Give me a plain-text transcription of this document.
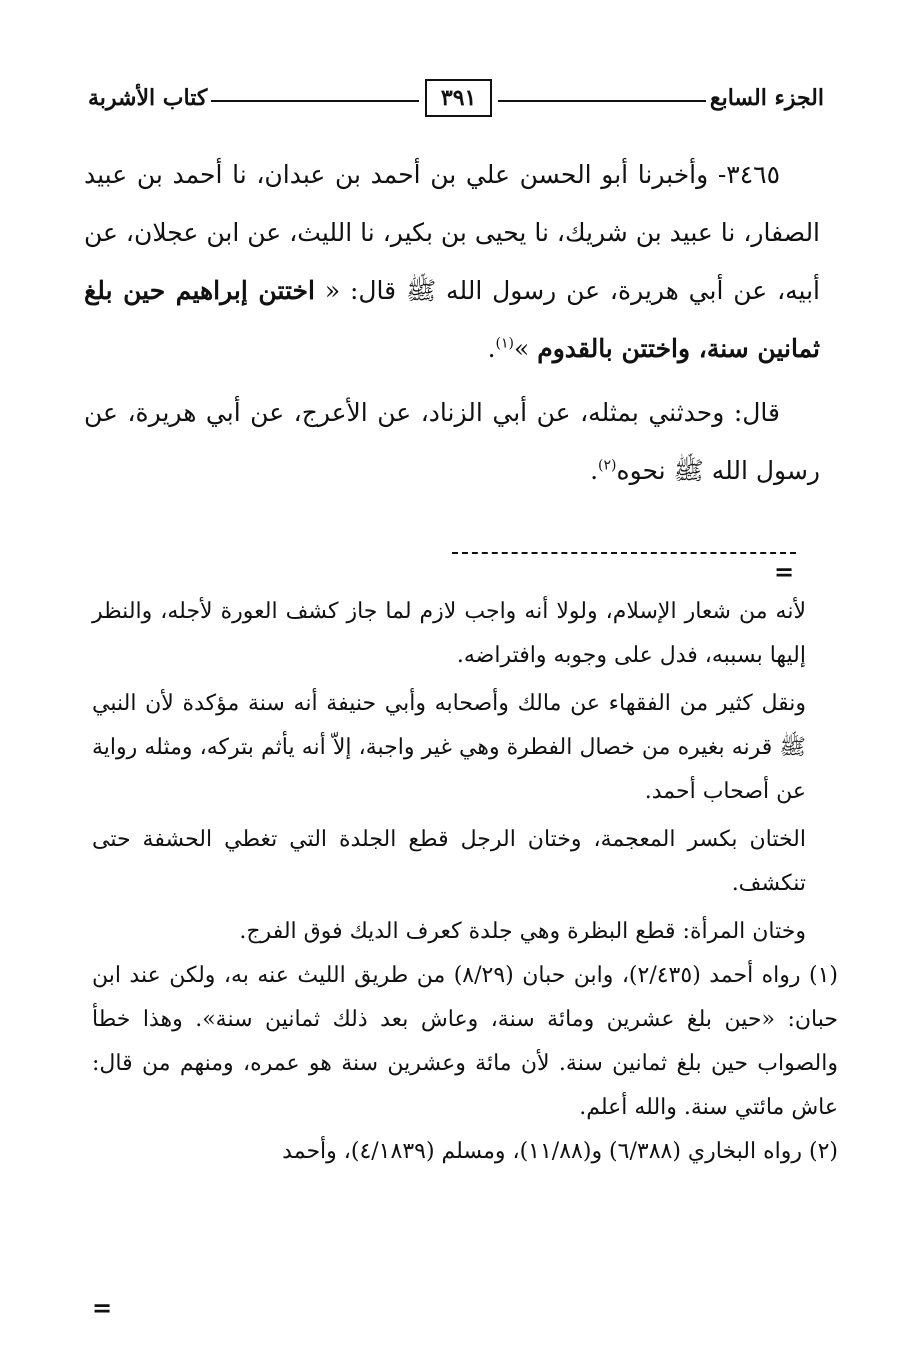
الجزء السابع
٣٩١
كتاب الأشربة

٣٤٦٥- وأخبرنا أبو الحسن علي بن أحمد بن عبدان، نا أحمد بن عبيد الصفار، نا عبيد بن شريك، نا يحيى بن بكير، نا الليث، عن ابن عجلان، عن أبيه، عن أبي هريرة، عن رسول الله ﷺ قال: « اختتن إبراهيم حين بلغ ثمانين سنة، واختتن بالقدوم »$^{(١)}$.

قال: وحدثني بمثله، عن أبي الزناد، عن الأعرج، عن أبي هريرة، عن رسول الله ﷺ نحوه$^{(٢)}$.

=

لأنه من شعار الإسلام، ولولا أنه واجب لازم لما جاز كشف العورة لأجله، والنظر إليها بسببه، فدل على وجوبه وافتراضه.

ونقل كثير من الفقهاء عن مالك وأصحابه وأبي حنيفة أنه سنة مؤكدة لأن النبي ﷺ قرنه بغيره من خصال الفطرة وهي غير واجبة، إلاّ أنه يأثم بتركه، ومثله رواية عن أصحاب أحمد.

الختان بكسر المعجمة، وختان الرجل قطع الجلدة التي تغطي الحشفة حتى تنكشف.

وختان المرأة: قطع البظرة وهي جلدة كعرف الديك فوق الفرج.

(١) رواه أحمد (٢/٤٣٥)، وابن حبان (٨/٢٩) من طريق الليث عنه به، ولكن عند ابن حبان: «حين بلغ عشرين ومائة سنة، وعاش بعد ذلك ثمانين سنة». وهذا خطأ والصواب حين بلغ ثمانين سنة. لأن مائة وعشرين سنة هو عمره، ومنهم من قال: عاش مائتي سنة. والله أعلم.

(٢) رواه البخاري (٦/٣٨٨) و(١١/٨٨)، ومسلم (٤/١٨٣٩)، وأحمد

=
